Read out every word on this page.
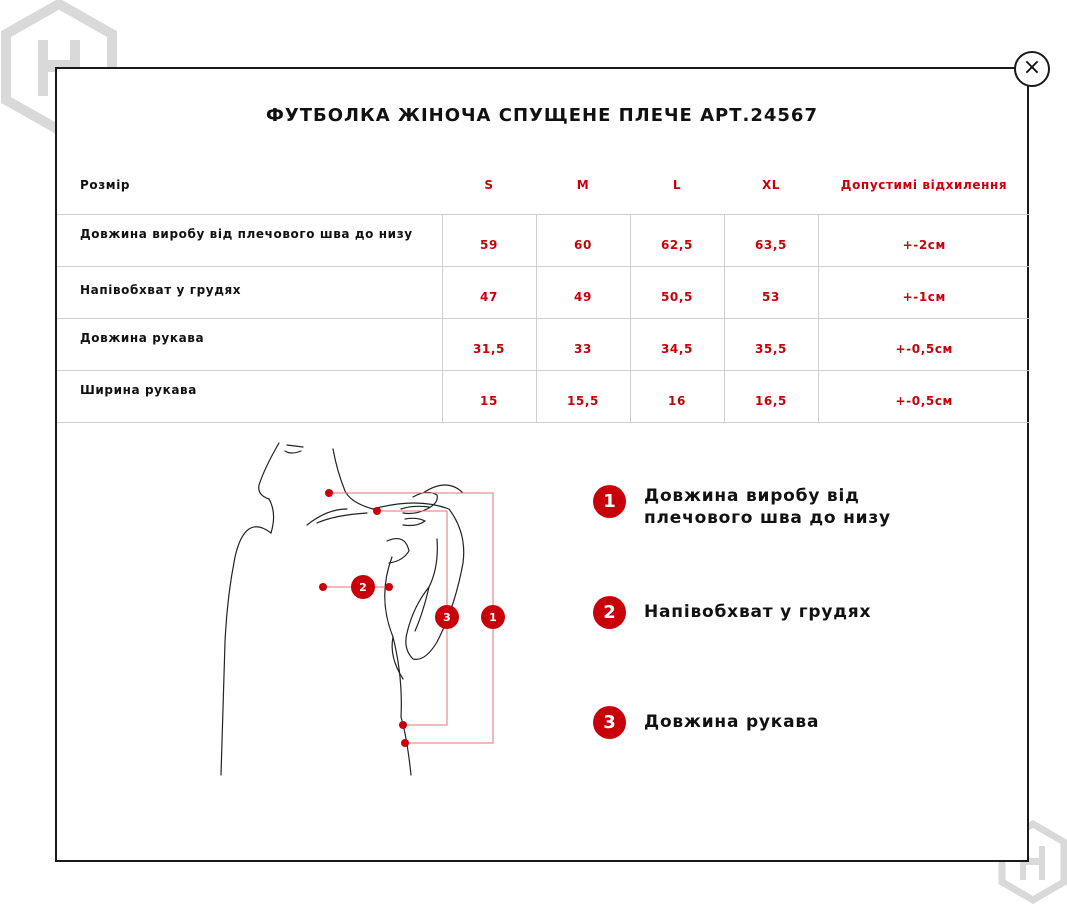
ФУТБОЛКА ЖІНОЧА СПУЩЕНЕ ПЛЕЧЕ АРТ.24567
Розмір	S	M	L	XL	Допустимі відхилення
Довжина виробу від плечового шва до низу	59	60	62,5	63,5	+-2см
Напівобхват у грудях	47	49	50,5	53	+-1см
Довжина рукава	31,5	33	34,5	35,5	+-0,5см
Ширина рукава	15	15,5	16	16,5	+-0,5см
1
2
3
1	Довжина виробу від плечового шва до низу
2	Напівобхват у грудях
3	Довжина рукава
×
